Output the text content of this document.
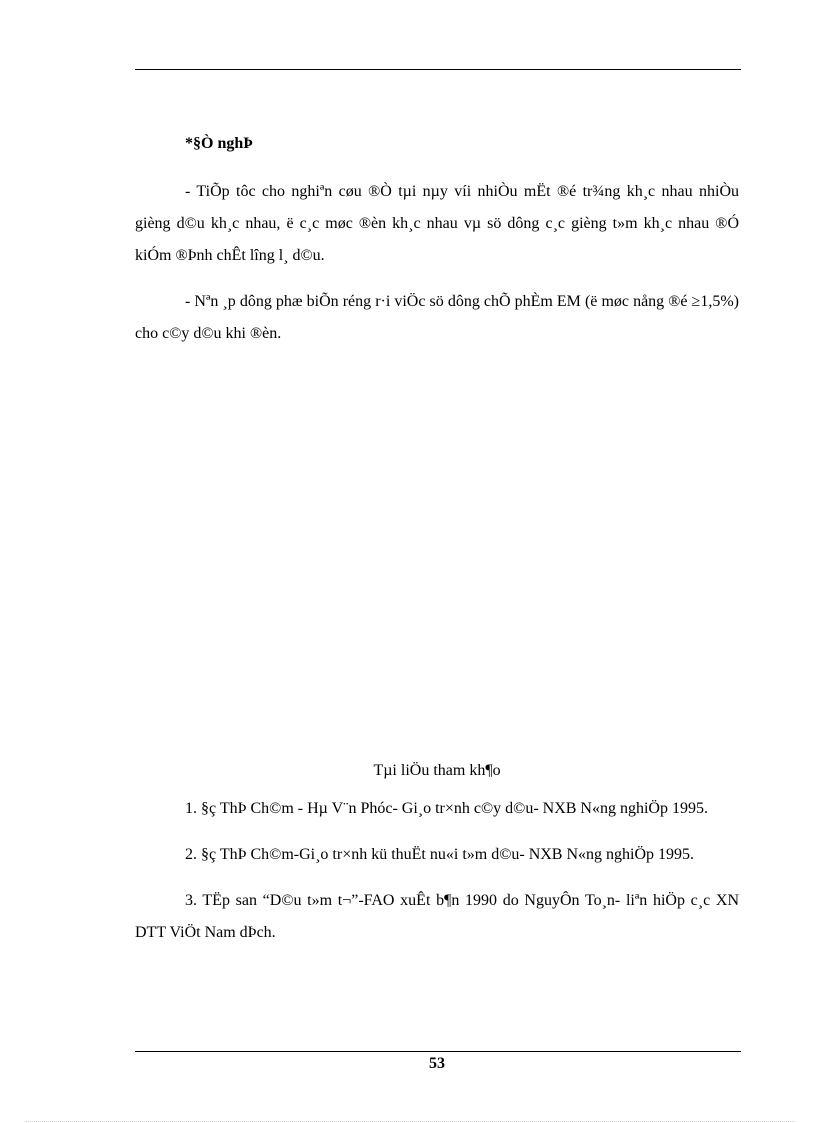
*§Ò nghÞ

- TiÕp tôc cho nghiªn cøu ®Ò tµi nµy víi nhiÒu mËt ®é tr¾ng kh¸c nhau nhiÒu gièng d©u kh¸c nhau, ë c¸c møc ®èn kh¸c nhau vµ sö dông c¸c gièng t»m kh¸c nhau ®Ó kiÓm ®Þnh chÊt lîng l¸ d©u.

- Nªn ¸p dông phæ biÕn réng r·i viÖc sö dông chÕ phÈm EM (ë møc nång ®é ≥1,5%) cho c©y d©u khi ®èn.

Tµi liÖu tham kh¶o

1. §ç ThÞ Ch©m - Hµ V¨n Phóc- Gi¸o tr×nh c©y d©u- NXB N«ng nghiÖp 1995.

2. §ç ThÞ Ch©m-Gi¸o tr×nh kü thuËt nu«i t»m d©u- NXB N«ng nghiÖp 1995.

3. TËp san “D©u t»m t¬”-FAO xuÊt b¶n 1990 do NguyÔn To¸n- liªn hiÖp c¸c XN DTT ViÖt Nam dÞch.

53
